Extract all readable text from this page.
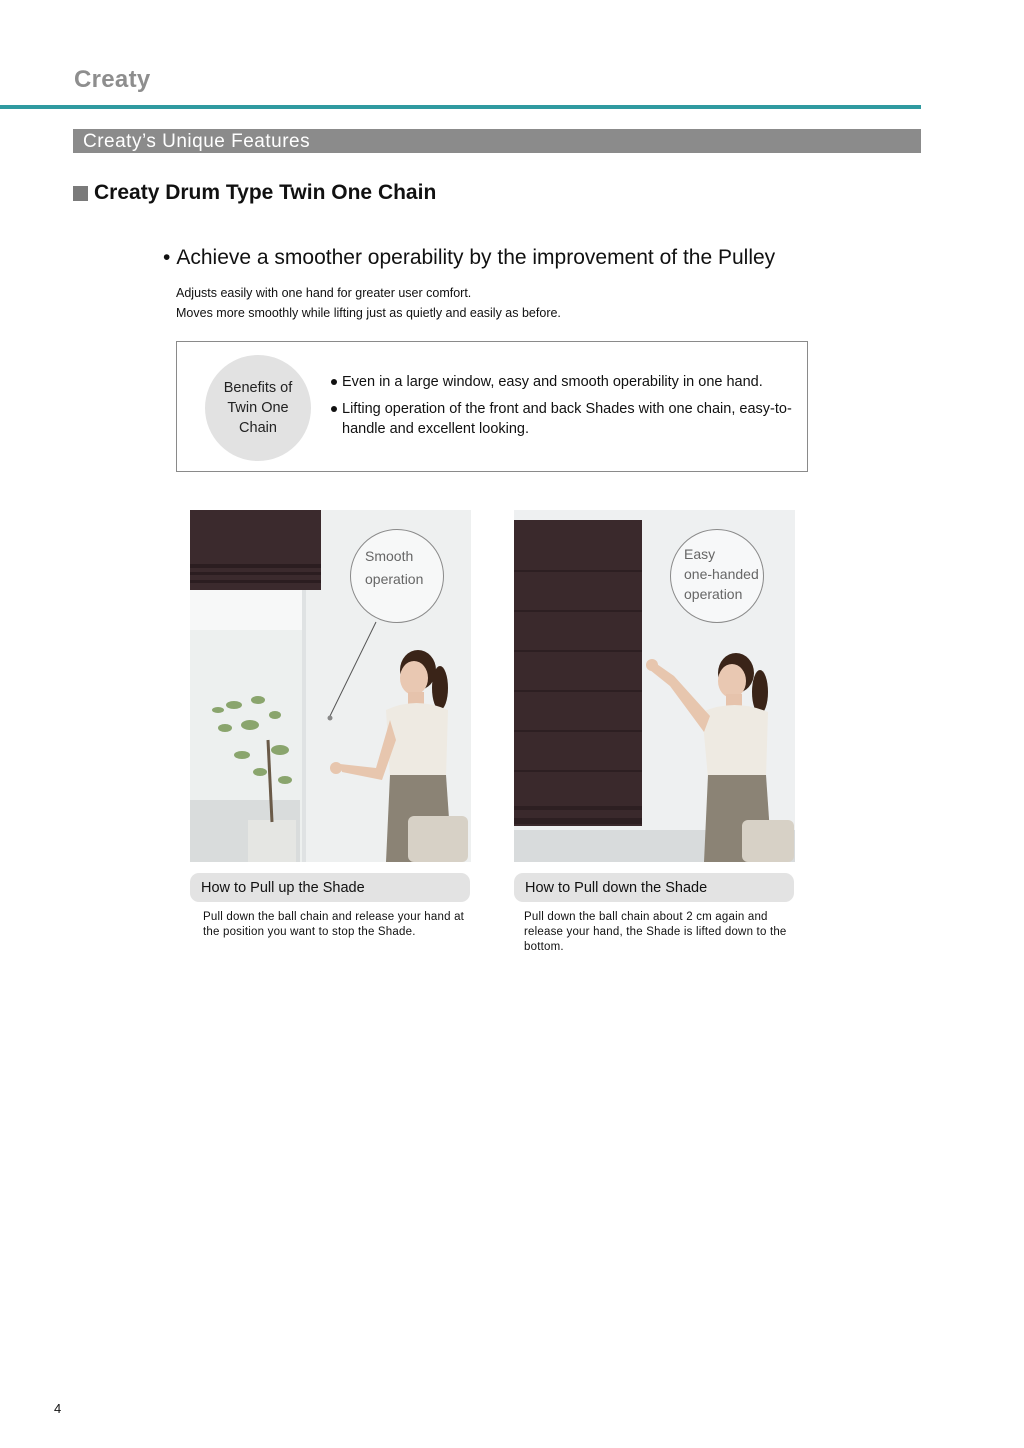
Creaty
Creaty’s Unique Features
Creaty Drum Type Twin One Chain
• Achieve a smoother operability by the improvement of the Pulley
Adjusts easily with one hand for greater user comfort.
Moves more smoothly while lifting just as quietly and easily as before.
Benefits of Twin One Chain
Even in a large window, easy and smooth operability in one hand.
Lifting operation of the front and back Shades with one chain, easy-to-handle and excellent looking.
Smooth
operation
Easy
one-handed
operation
How to Pull up the Shade	How to Pull down the Shade
Pull down the ball chain and release your hand at the position you want to stop the Shade.
Pull down the ball chain about 2 cm again and release your hand, the Shade is lifted down to the bottom.
4
